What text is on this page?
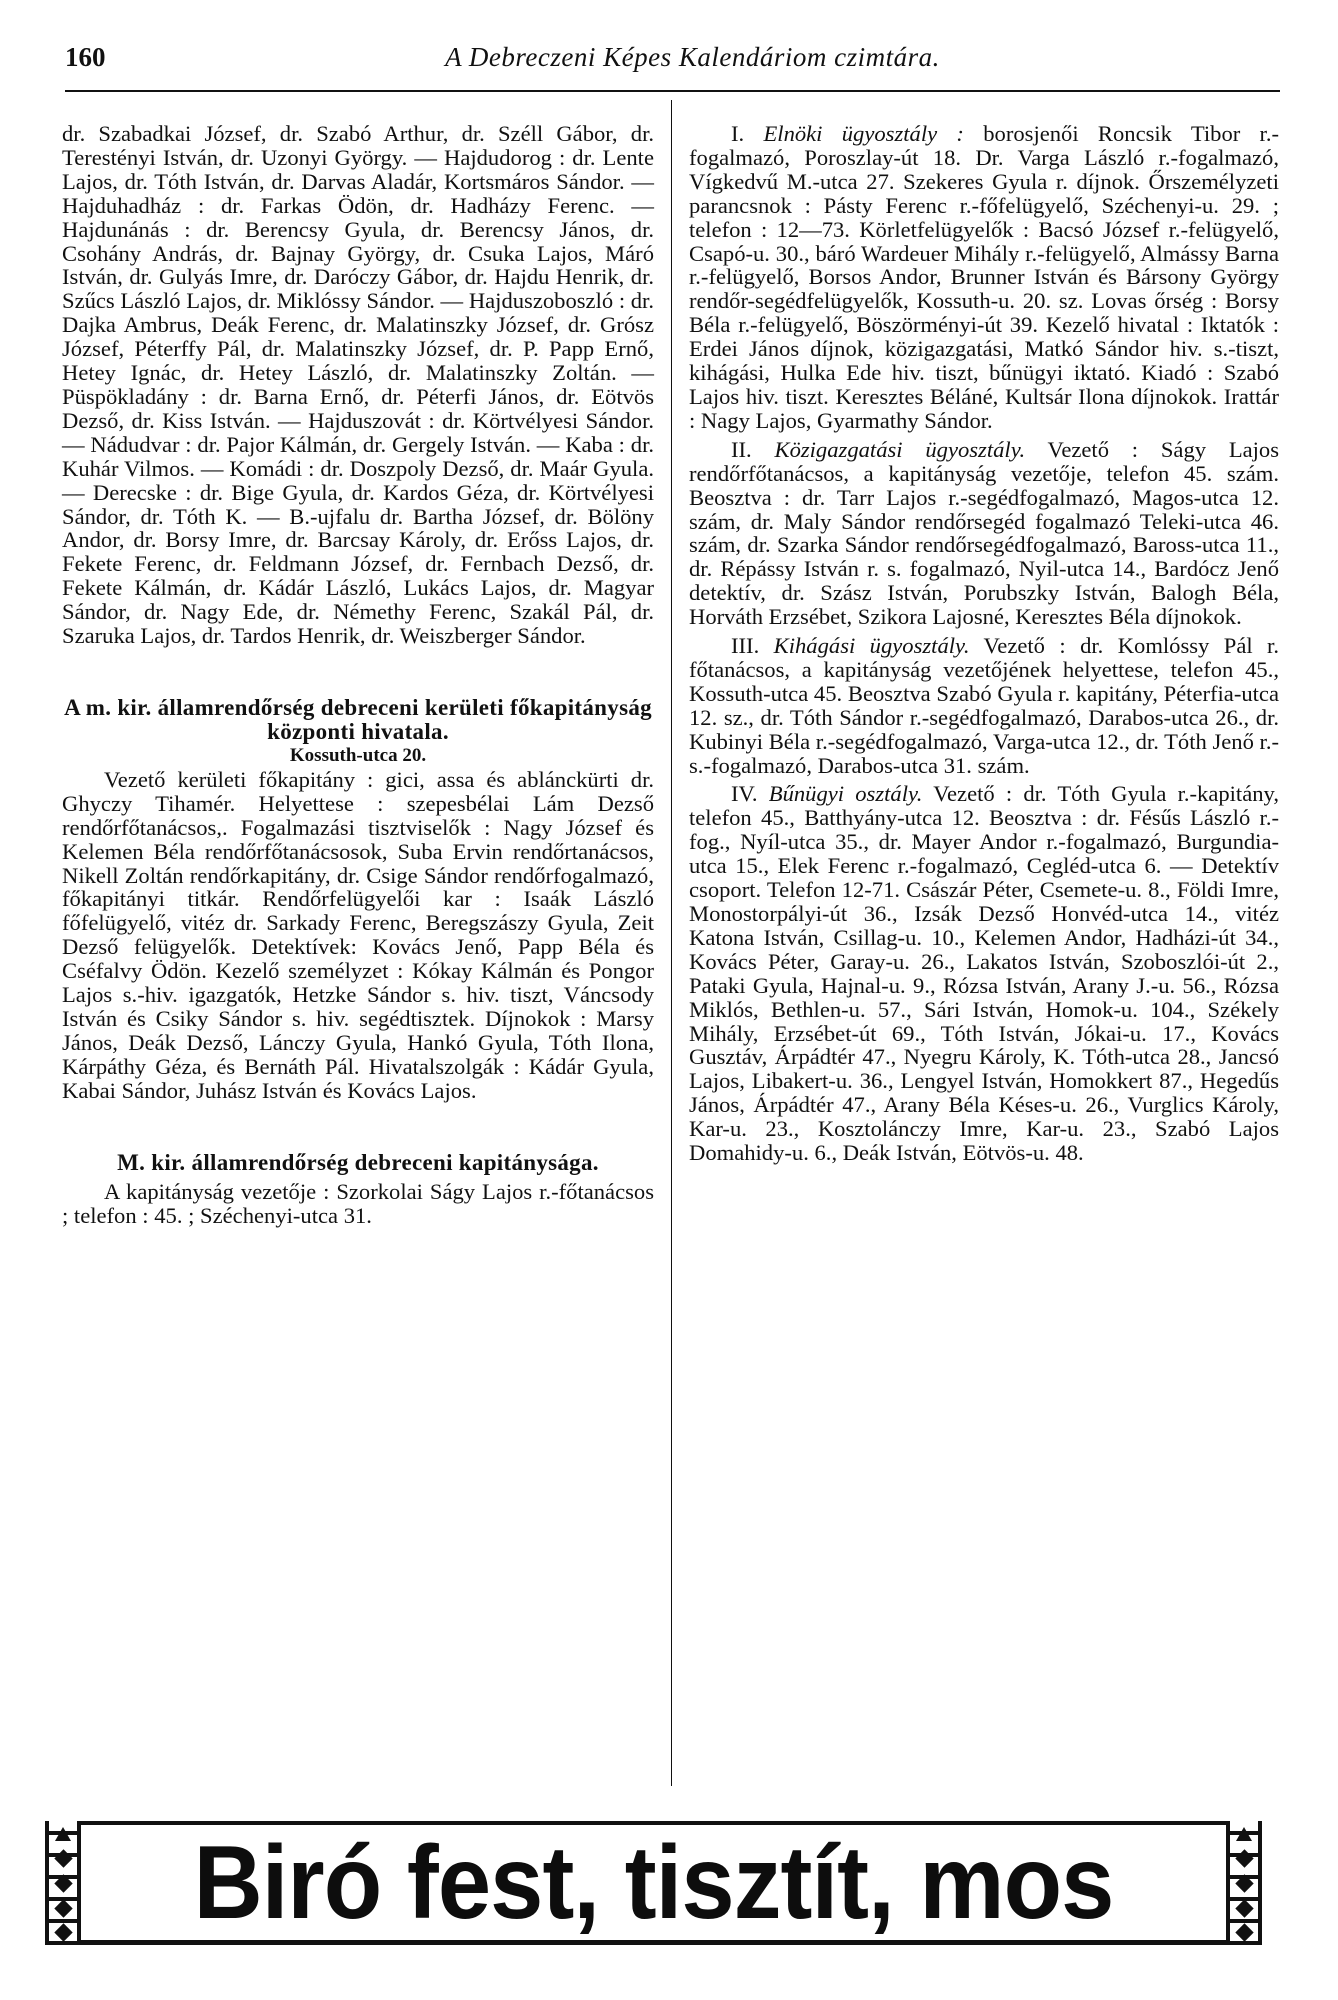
160	A Debreczeni Képes Kalendáriom czimtára.

dr. Szabadkai József, dr. Szabó Arthur, dr. Széll Gábor, dr. Terestényi István, dr. Uzonyi György. — Hajdudorog : dr. Lente Lajos, dr. Tóth István, dr. Darvas Aladár, Kortsmáros Sándor. — Hajduhadház : dr. Farkas Ödön, dr. Hadházy Ferenc. — Hajdunánás : dr. Berencsy Gyula, dr. Berencsy János, dr. Csohány András, dr. Bajnay György, dr. Csuka Lajos, Máró István, dr. Gulyás Imre, dr. Daróczy Gábor, dr. Hajdu Henrik, dr. Szűcs László Lajos, dr. Miklóssy Sándor. — Hajduszoboszló : dr. Dajka Ambrus, Deák Ferenc, dr. Malatinszky József, dr. Grósz József, Péterffy Pál, dr. Malatinszky József, dr. P. Papp Ernő, Hetey Ignác, dr. Hetey László, dr. Malatinszky Zoltán. — Püspökladány : dr. Barna Ernő, dr. Péterfi János, dr. Eötvös Dezső, dr. Kiss István. — Hajduszovát : dr. Körtvélyesi Sándor. — Nádudvar : dr. Pajor Kálmán, dr. Gergely István. — Kaba : dr. Kuhár Vilmos. — Komádi : dr. Doszpoly Dezső, dr. Maár Gyula. — Derecske : dr. Bige Gyula, dr. Kardos Géza, dr. Körtvélyesi Sándor, dr. Tóth K. — B.-ujfalu dr. Bartha József, dr. Bölöny Andor, dr. Borsy Imre, dr. Barcsay Károly, dr. Erőss Lajos, dr. Fekete Ferenc, dr. Feldmann József, dr. Fernbach Dezső, dr. Fekete Kálmán, dr. Kádár László, Lukács Lajos, dr. Magyar Sándor, dr. Nagy Ede, dr. Némethy Ferenc, Szakál Pál, dr. Szaruka Lajos, dr. Tardos Henrik, dr. Weiszberger Sándor.

A m. kir. államrendőrség debreceni kerületi főkapitányság központi hivatala.

Kossuth-utca 20.

Vezető kerületi főkapitány : gici, assa és ablánckürti dr. Ghyczy Tihamér. Helyettese : szepesbélai Lám Dezső rendőrfőtanácsos,. Fogalmazási tisztviselők : Nagy József és Kelemen Béla rendőrfőtanácsosok, Suba Ervin rendőrtanácsos, Nikell Zoltán rendőrkapitány, dr. Csige Sándor rendőrfogalmazó, főkapitányi titkár. Rendőrfelügyelői kar : Isaák László főfelügyelő, vitéz dr. Sarkady Ferenc, Beregszászy Gyula, Zeit Dezső felügyelők. Detektívek: Kovács Jenő, Papp Béla és Cséfalvy Ödön. Kezelő személyzet : Kókay Kálmán és Pongor Lajos s.-hiv. igazgatók, Hetzke Sándor s. hiv. tiszt, Váncsody István és Csiky Sándor s. hiv. segédtisztek. Díjnokok : Marsy János, Deák Dezső, Lánczy Gyula, Hankó Gyula, Tóth Ilona, Kárpáthy Géza, és Bernáth Pál. Hivatalszolgák : Kádár Gyula, Kabai Sándor, Juhász István és Kovács Lajos.

M. kir. államrendőrség debreceni kapitánysága.

A kapitányság vezetője : Szorkolai Ságy Lajos r.-főtanácsos ; telefon : 45. ; Széchenyi-utca 31.

I. Elnöki ügyosztály : borosjenői Roncsik Tibor r.-fogalmazó, Poroszlay-út 18. Dr. Varga László r.-fogalmazó, Vígkedvű M.-utca 27. Szekeres Gyula r. díjnok. Őrszemélyzeti parancsnok : Pásty Ferenc r.-főfelügyelő, Széchenyi-u. 29. ; telefon : 12—73. Körletfelügyelők : Bacsó József r.-felügyelő, Csapó-u. 30., báró Wardeuer Mihály r.-felügyelő, Almássy Barna r.-felügyelő, Borsos Andor, Brunner István és Bársony György rendőr-segédfelügyelők, Kossuth-u. 20. sz. Lovas őrség : Borsy Béla r.-felügyelő, Böszörményi-út 39. Kezelő hivatal : Iktatók : Erdei János díjnok, közigazgatási, Matkó Sándor hiv. s.-tiszt, kihágási, Hulka Ede hiv. tiszt, bűnügyi iktató. Kiadó : Szabó Lajos hiv. tiszt. Keresztes Béláné, Kultsár Ilona díjnokok. Irattár : Nagy Lajos, Gyarmathy Sándor.

II. Közigazgatási ügyosztály. Vezető : Ságy Lajos rendőrfőtanácsos, a kapitányság vezetője, telefon 45. szám. Beosztva : dr. Tarr Lajos r.-segédfogalmazó, Magos-utca 12. szám, dr. Maly Sándor rendőrsegéd fogalmazó Teleki-utca 46. szám, dr. Szarka Sándor rendőrsegédfogalmazó, Baross-utca 11., dr. Répássy István r. s. fogalmazó, Nyil-utca 14., Bardócz Jenő detektív, dr. Szász István, Porubszky István, Balogh Béla, Horváth Erzsébet, Szikora Lajosné, Keresztes Béla díjnokok.

III. Kihágási ügyosztály. Vezető : dr. Komlóssy Pál r. főtanácsos, a kapitányság vezetőjének helyettese, telefon 45., Kossuth-utca 45. Beosztva Szabó Gyula r. kapitány, Péterfia-utca 12. sz., dr. Tóth Sándor r.-segédfogalmazó, Darabos-utca 26., dr. Kubinyi Béla r.-segédfogalmazó, Varga-utca 12., dr. Tóth Jenő r.-s.-fogalmazó, Darabos-utca 31. szám.

IV. Bűnügyi osztály. Vezető : dr. Tóth Gyula r.-kapitány, telefon 45., Batthyány-utca 12. Beosztva : dr. Fésűs László r.-fog., Nyíl-utca 35., dr. Mayer Andor r.-fogalmazó, Burgundia-utca 15., Elek Ferenc r.-fogalmazó, Cegléd-utca 6. — Detektív csoport. Telefon 12-71. Császár Péter, Csemete-u. 8., Földi Imre, Monostorpályi-út 36., Izsák Dezső Honvéd-utca 14., vitéz Katona István, Csillag-u. 10., Kelemen Andor, Hadházi-út 34., Kovács Péter, Garay-u. 26., Lakatos István, Szoboszlói-út 2., Pataki Gyula, Hajnal-u. 9., Rózsa István, Arany J.-u. 56., Rózsa Miklós, Bethlen-u. 57., Sári István, Homok-u. 104., Székely Mihály, Erzsébet-út 69., Tóth István, Jókai-u. 17., Kovács Gusztáv, Árpádtér 47., Nyegru Károly, K. Tóth-utca 28., Jancsó Lajos, Libakert-u. 36., Lengyel István, Homokkert 87., Hegedűs János, Árpádtér 47., Arany Béla Késes-u. 26., Vurglics Károly, Kar-u. 23., Kosztolánczy Imre, Kar-u. 23., Szabó Lajos Domahidy-u. 6., Deák István, Eötvös-u. 48.

Biró fest, tisztít, mos
